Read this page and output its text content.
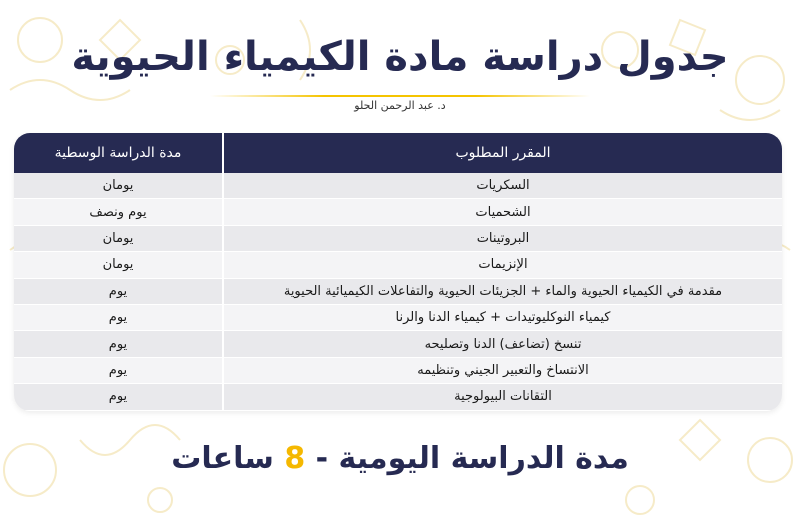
جدول دراسة مادة الكيمياء الحيوية
د. عبد الرحمن الحلو
المقرر المطلوب	مدة الدراسة الوسطية
السكريات	يومان
الشحميات	يوم ونصف
البروتينات	يومان
الإنزيمات	يومان
مقدمة في الكيمياء الحيوية والماء + الجزيئات الحيوية والتفاعلات الكيميائية الحيوية	يوم
كيمياء النوكليوتيدات + كيمياء الدنا والرنا	يوم
تنسخ (تضاعف) الدنا وتصليحه	يوم
الانتساخ والتعبير الجيني وتنظيمه	يوم
التقانات البيولوجية	يوم
مدة الدراسة اليومية - 8 ساعات
